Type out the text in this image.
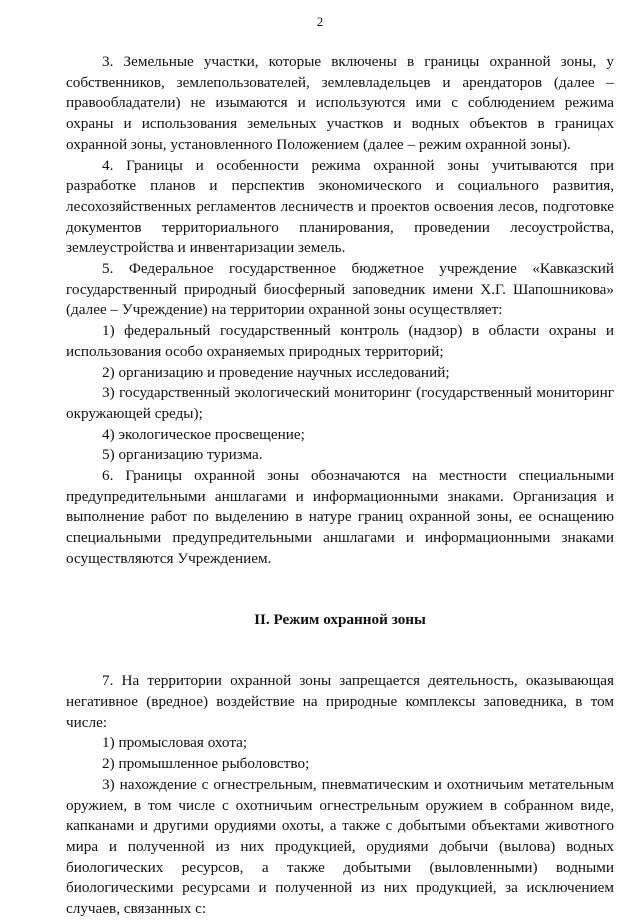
2

3. Земельные участки, которые включены в границы охранной зоны, у собственников, землепользователей, землевладельцев и арендаторов (далее – правообладатели) не изымаются и используются ими с соблюдением режима охраны и использования земельных участков и водных объектов в границах охранной зоны, установленного Положением (далее – режим охранной зоны).

4. Границы и особенности режима охранной зоны учитываются при разработке планов и перспектив экономического и социального развития, лесохозяйственных регламентов лесничеств и проектов освоения лесов, подготовке документов территориального планирования, проведении лесоустройства, землеустройства и инвентаризации земель.

5. Федеральное государственное бюджетное учреждение «Кавказский государственный природный биосферный заповедник имени Х.Г. Шапошникова» (далее – Учреждение) на территории охранной зоны осуществляет:

1) федеральный государственный контроль (надзор) в области охраны и использования особо охраняемых природных территорий;

2) организацию и проведение научных исследований;

3) государственный экологический мониторинг (государственный мониторинг окружающей среды);

4) экологическое просвещение;

5) организацию туризма.

6. Границы охранной зоны обозначаются на местности специальными предупредительными аншлагами и информационными знаками. Организация и выполнение работ по выделению в натуре границ охранной зоны, ее оснащению специальными предупредительными аншлагами и информационными знаками осуществляются Учреждением.

II. Режим охранной зоны

7. На территории охранной зоны запрещается деятельность, оказывающая негативное (вредное) воздействие на природные комплексы заповедника, в том числе:

1) промысловая охота;

2) промышленное рыболовство;

3) нахождение с огнестрельным, пневматическим и охотничьим метательным оружием, в том числе с охотничьим огнестрельным оружием в собранном виде, капканами и другими орудиями охоты, а также с добытыми объектами животного мира и полученной из них продукцией, орудиями добычи (вылова) водных биологических ресурсов, а также добытыми (выловленными) водными биологическими ресурсами и полученной из них продукцией, за исключением случаев, связанных с:
